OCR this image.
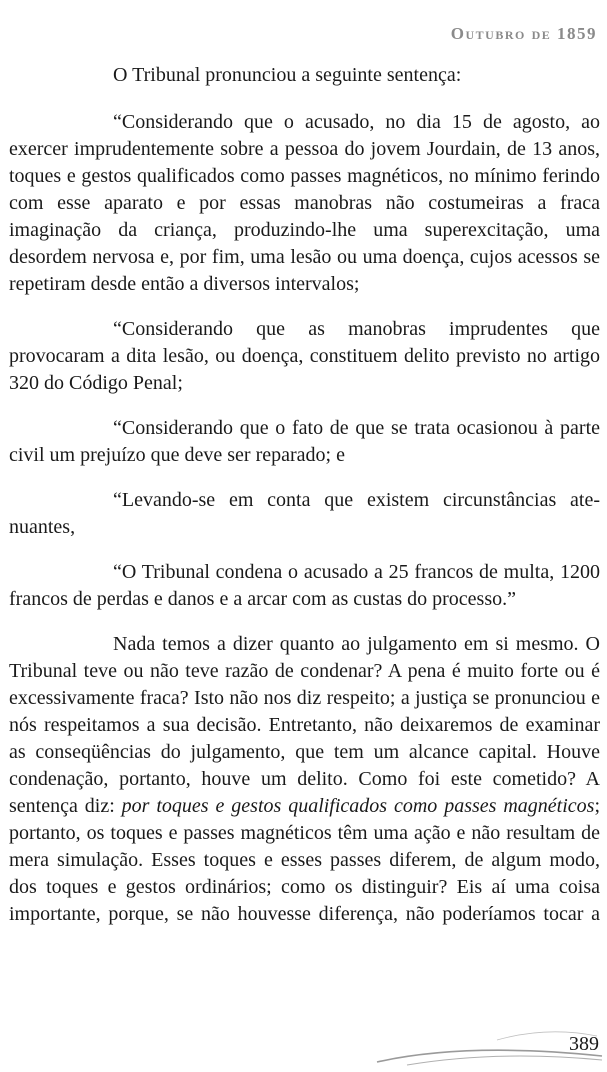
Outubro de 1859

O Tribunal pronunciou a seguinte sentença:

“Considerando que o acusado, no dia 15 de agosto, ao exercer imprudentemente sobre a pessoa do jovem Jourdain, de 13 anos, toques e gestos qualificados como passes magnéticos, no mínimo ferindo com esse aparato e por essas manobras não costumeiras a fraca imaginação da criança, produzindo-lhe uma superexcitação, uma desordem nervosa e, por fim, uma lesão ou uma doença, cujos acessos se repetiram desde então a diversos intervalos;

“Considerando que as manobras imprudentes que provocaram a dita lesão, ou doença, constituem delito previsto no artigo 320 do Código Penal;

“Considerando que o fato de que se trata ocasionou à parte civil um prejuízo que deve ser reparado; e

“Levando-se em conta que existem circunstâncias ate-nuantes,

“O Tribunal condena o acusado a 25 francos de multa, 1200 francos de perdas e danos e a arcar com as custas do processo.”

Nada temos a dizer quanto ao julgamento em si mesmo. O Tribunal teve ou não teve razão de condenar? A pena é muito forte ou é excessivamente fraca? Isto não nos diz respeito; a justiça se pronunciou e nós respeitamos a sua decisão. Entretanto, não deixaremos de examinar as conseqüências do julgamento, que tem um alcance capital. Houve condenação, portanto, houve um delito. Como foi este cometido? A sentença diz: por toques e gestos qualificados como passes magnéticos; portanto, os toques e passes magnéticos têm uma ação e não resultam de mera simulação. Esses toques e esses passes diferem, de algum modo, dos toques e gestos ordinários; como os distinguir? Eis aí uma coisa importante, porque, se não houvesse diferença, não poderíamos tocar a

389
